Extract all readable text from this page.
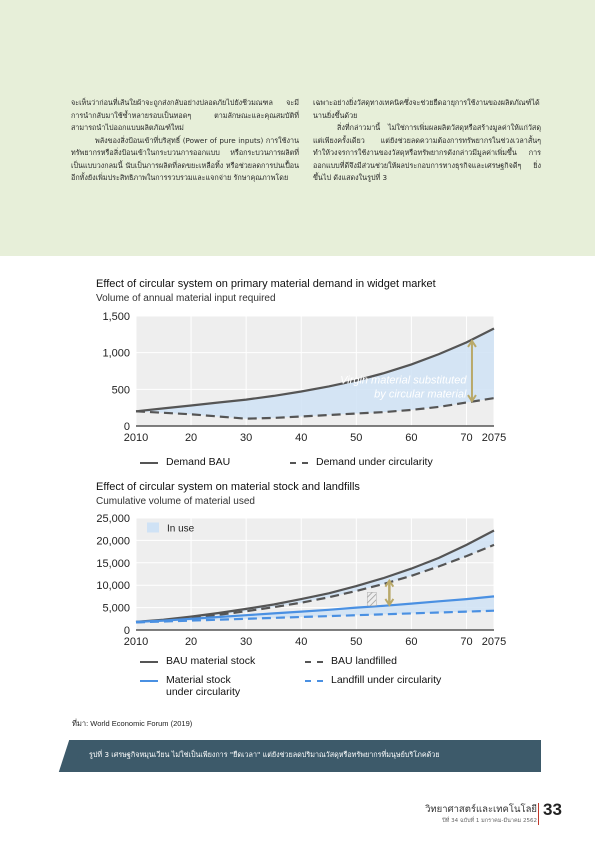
จะเห็นว่าก่อนที่เส้นใยผ้าจะถูกส่งกลับอย่างปลอดภัยไปยังชีวมณฑล จะมีการนำกลับมาใช้ซ้ำหลายรอบเป็นทอดๆ ตามลักษณะและคุณสมบัติที่สามารถนำไปออกแบบผลิตภัณฑ์ใหม่

พลังของสิ่งป้อนเข้าที่บริสุทธิ์ (Power of pure inputs) การใช้งานทรัพยากรหรือสิ่งป้อนเข้าในกระบวนการออกแบบ หรือกระบวนการผลิตที่เป็นแบบวงกลมนี้ นับเป็นการผลิตที่ลดขยะเหลือทิ้ง หรือช่วยลดการปนเปื้อน อีกทั้งยังเพิ่มประสิทธิภาพในการรวบรวมและแจกจ่าย รักษาคุณภาพโดย

เฉพาะอย่างยิ่งวัสดุทางเทคนิคซึ่งจะช่วยยืดอายุการใช้งานของผลิตภัณฑ์ได้นานยิ่งขึ้นด้วย

สิ่งที่กล่าวมานี้ ไม่ใช่การเพิ่มผลผลิตวัสดุหรือสร้างมูลค่าให้แก่วัสดุแต่เพียงครั้งเดียว แต่ยังช่วยลดความต้องการทรัพยากรในช่วงเวลาสั้นๆ ทำให้วงจรการใช้งานของวัสดุหรือทรัพยากรดังกล่าวมีมูลค่าเพิ่มขึ้น การออกแบบที่ดีจึงมีส่วนช่วยให้ผลประกอบการทางธุรกิจและเศรษฐกิจดีๆ ยิ่งขึ้นไป ดังแสดงในรูปที่ 3

Effect of circular system on primary material demand in widget market
Volume of annual material input required
0
500
1,000
1,500
2010	20	30	40	50	60	70 2075
Virgin material substituted
by circular material
Demand BAU	Demand under circularity
Effect of circular system on material stock and landfills
Cumulative volume of material used
0
5,000
10,000
15,000
20,000
25,000
2010	20	30	40	50	60	70 2075
In use
BAU material stock	BAU landfilled
Material stock
under circularity
Landfill under circularity
ที่มา: World Economic Forum (2019)
รูปที่ 3 เศรษฐกิจหมุนเวียน ไม่ใช่เป็นเพียงการ "ยืดเวลา" แต่ยังช่วยลดปริมาณวัสดุหรือทรัพยากรที่มนุษย์บริโภคด้วย
วิทยาศาสตร์และเทคโนโลยี
ปีที่ 34 ฉบับที่ 1 มกราคม-มีนาคม 2562
33
